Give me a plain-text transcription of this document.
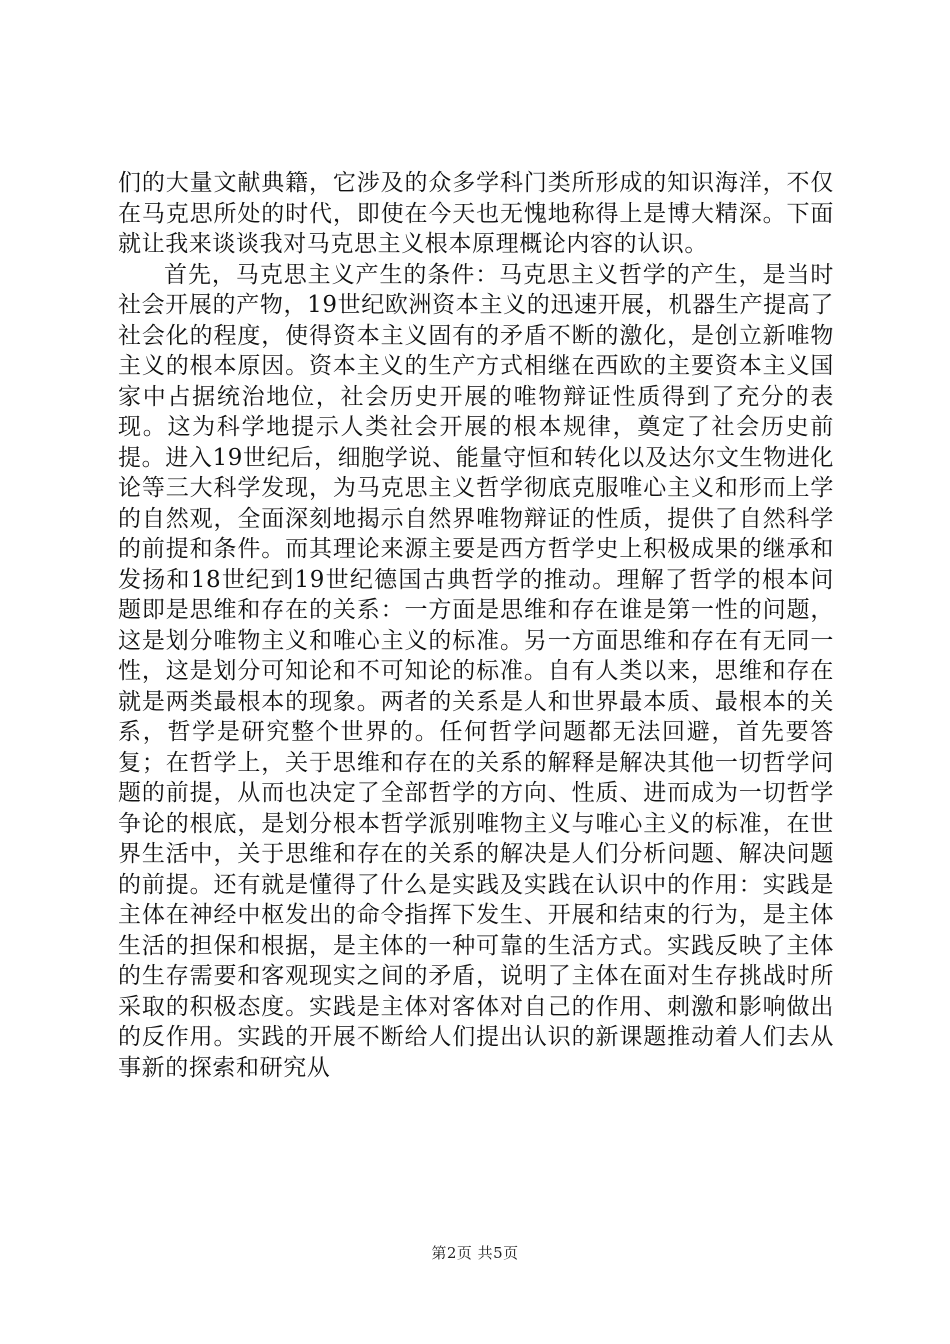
们的大量文献典籍，它涉及的众多学科门类所形成的知识海洋，不仅在马克思所处的时代，即使在今天也无愧地称得上是博大精深。下面就让我来谈谈我对马克思主义根本原理概论内容的认识。

首先，马克思主义产生的条件：马克思主义哲学的产生，是当时社会开展的产物，19世纪欧洲资本主义的迅速开展，机器生产提高了社会化的程度，使得资本主义固有的矛盾不断的激化，是创立新唯物主义的根本原因。资本主义的生产方式相继在西欧的主要资本主义国家中占据统治地位，社会历史开展的唯物辩证性质得到了充分的表现。这为科学地提示人类社会开展的根本规律，奠定了社会历史前提。进入19世纪后，细胞学说、能量守恒和转化以及达尔文生物进化论等三大科学发现，为马克思主义哲学彻底克服唯心主义和形而上学的自然观，全面深刻地揭示自然界唯物辩证的性质，提供了自然科学的前提和条件。而其理论来源主要是西方哲学史上积极成果的继承和发扬和18世纪到19世纪德国古典哲学的推动。理解了哲学的根本问题即是思维和存在的关系：一方面是思维和存在谁是第一性的问题，这是划分唯物主义和唯心主义的标准。另一方面思维和存在有无同一性，这是划分可知论和不可知论的标准。自有人类以来，思维和存在就是两类最根本的现象。两者的关系是人和世界最本质、最根本的关系，哲学是研究整个世界的。任何哲学问题都无法回避，首先要答复；在哲学上，关于思维和存在的关系的解释是解决其他一切哲学问题的前提，从而也决定了全部哲学的方向、性质、进而成为一切哲学争论的根底，是划分根本哲学派别唯物主义与唯心主义的标准，在世界生活中，关于思维和存在的关系的解决是人们分析问题、解决问题的前提。还有就是懂得了什么是实践及实践在认识中的作用：实践是主体在神经中枢发出的命令指挥下发生、开展和结束的行为，是主体生活的担保和根据，是主体的一种可靠的生活方式。实践反映了主体的生存需要和客观现实之间的矛盾，说明了主体在面对生存挑战时所采取的积极态度。实践是主体对客体对自己的作用、刺激和影响做出的反作用。实践的开展不断给人们提出认识的新课题推动着人们去从事新的探索和研究从

第2页 共5页
